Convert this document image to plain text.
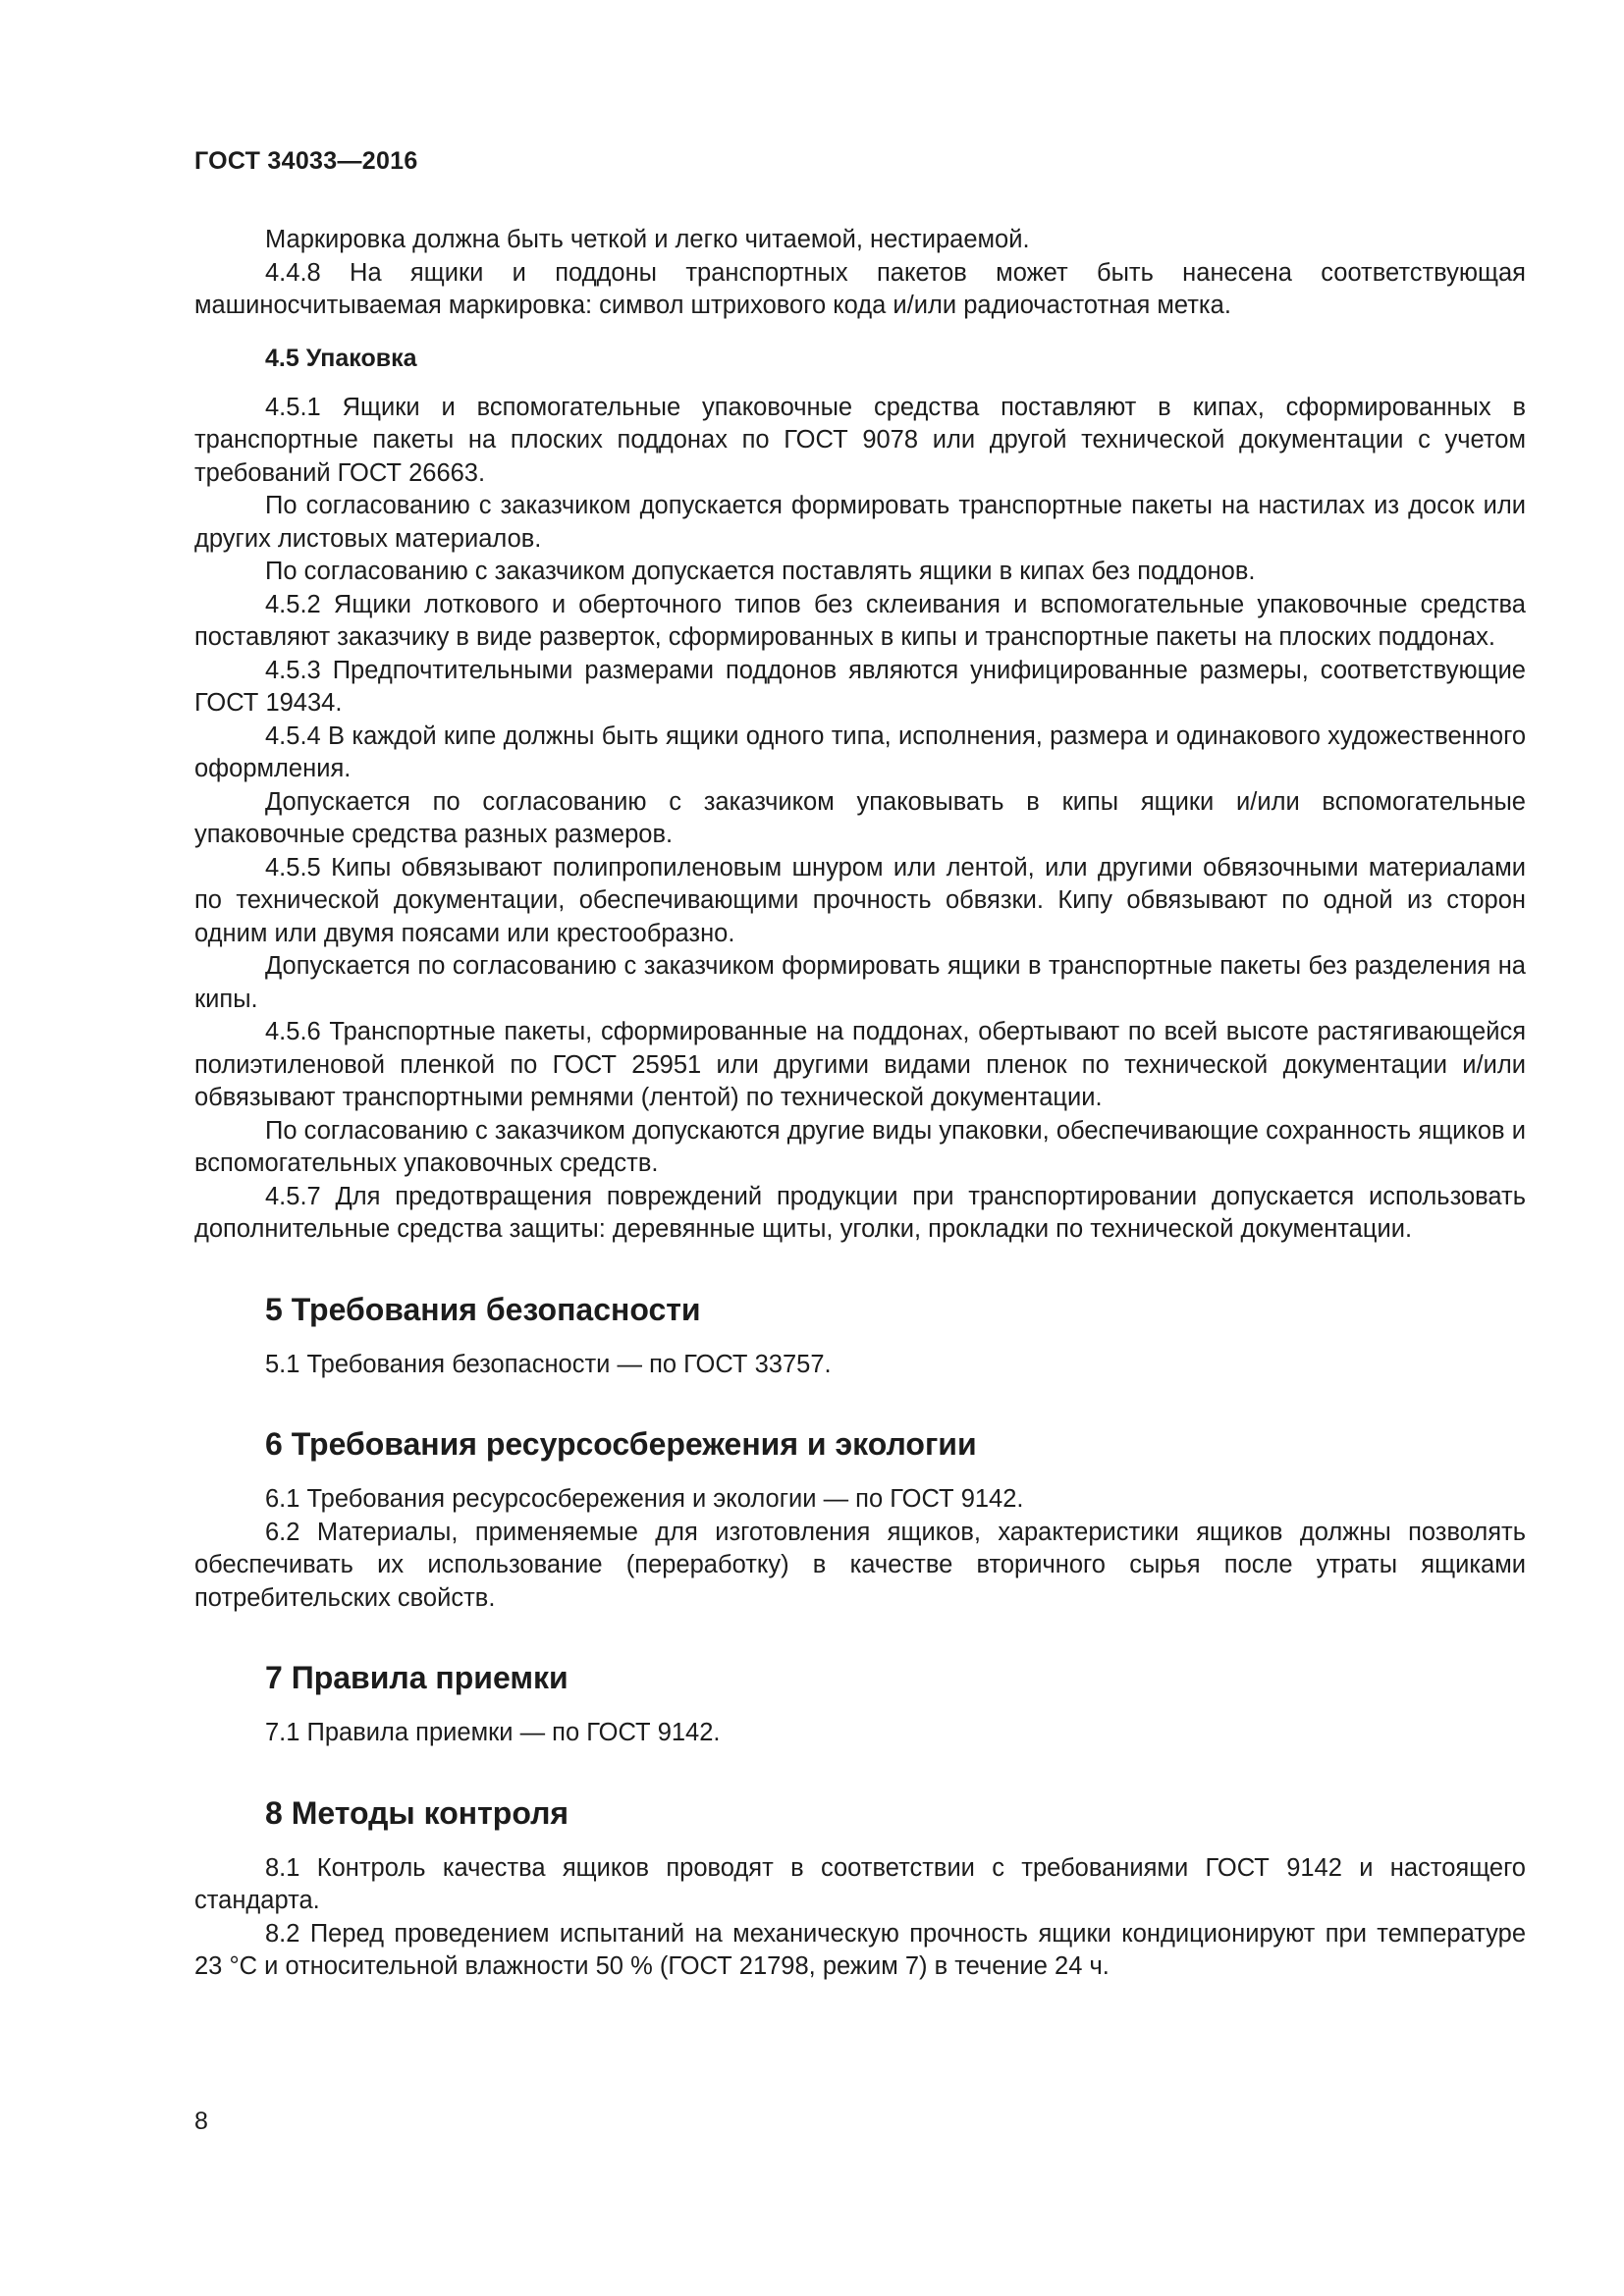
ГОСТ 34033—2016

Маркировка должна быть четкой и легко читаемой, нестираемой.

4.4.8 На ящики и поддоны транспортных пакетов может быть нанесена соответствующая машиносчитываемая маркировка: символ штрихового кода и/или радиочастотная метка.

4.5 Упаковка

4.5.1 Ящики и вспомогательные упаковочные средства поставляют в кипах, сформированных в транспортные пакеты на плоских поддонах по ГОСТ 9078 или другой технической документации с учетом требований ГОСТ 26663.

По согласованию с заказчиком допускается формировать транспортные пакеты на настилах из досок или других листовых материалов.

По согласованию с заказчиком допускается поставлять ящики в кипах без поддонов.

4.5.2 Ящики лоткового и оберточного типов без склеивания и вспомогательные упаковочные средства поставляют заказчику в виде разверток, сформированных в кипы и транспортные пакеты на плоских поддонах.

4.5.3 Предпочтительными размерами поддонов являются унифицированные размеры, соответствующие ГОСТ 19434.

4.5.4 В каждой кипе должны быть ящики одного типа, исполнения, размера и одинакового художественного оформления.

Допускается по согласованию с заказчиком упаковывать в кипы ящики и/или вспомогательные упаковочные средства разных размеров.

4.5.5 Кипы обвязывают полипропиленовым шнуром или лентой, или другими обвязочными материалами по технической документации, обеспечивающими прочность обвязки. Кипу обвязывают по одной из сторон одним или двумя поясами или крестообразно.

Допускается по согласованию с заказчиком формировать ящики в транспортные пакеты без разделения на кипы.

4.5.6 Транспортные пакеты, сформированные на поддонах, обертывают по всей высоте растягивающейся полиэтиленовой пленкой по ГОСТ 25951 или другими видами пленок по технической документации и/или обвязывают транспортными ремнями (лентой) по технической документации.

По согласованию с заказчиком допускаются другие виды упаковки, обеспечивающие сохранность ящиков и вспомогательных упаковочных средств.

4.5.7 Для предотвращения повреждений продукции при транспортировании допускается использовать дополнительные средства защиты: деревянные щиты, уголки, прокладки по технической документации.

5 Требования безопасности

5.1 Требования безопасности — по ГОСТ 33757.

6 Требования ресурсосбережения и экологии

6.1 Требования ресурсосбережения и экологии — по ГОСТ 9142.

6.2 Материалы, применяемые для изготовления ящиков, характеристики ящиков должны позволять обеспечивать их использование (переработку) в качестве вторичного сырья после утраты ящиками потребительских свойств.

7 Правила приемки

7.1 Правила приемки — по ГОСТ 9142.

8 Методы контроля

8.1 Контроль качества ящиков проводят в соответствии с требованиями ГОСТ 9142 и настоящего стандарта.

8.2 Перед проведением испытаний на механическую прочность ящики кондиционируют при температуре 23 °С и относительной влажности 50 % (ГОСТ 21798, режим 7) в течение 24 ч.

8
